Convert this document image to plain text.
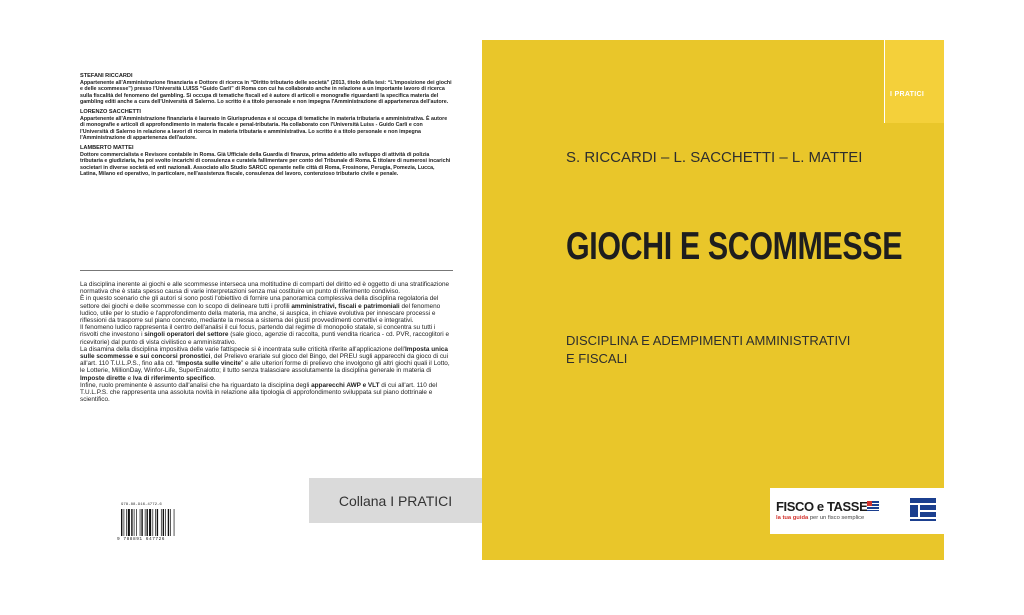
STEFANI RICCARDI
Appartenente all'Amministrazione finanziaria e Dottore di ricerca in “Diritto tributario delle società” (2013, titolo della tesi: “L'imposizione dei giochi e delle scommesse”) presso l'Università LUISS “Guido Carli” di Roma con cui ha collaborato anche in relazione a un importante lavoro di ricerca sulla fiscalità del fenomeno del gambling. Si occupa di tematiche fiscali ed è autore di articoli e monografie riguardanti la specifica materia del gambling editi anche a cura dell'Università di Salerno. Lo scritto è a titolo personale e non impegna l'Amministrazione di appartenenza dell'autore.
LORENZO SACCHETTI
Appartenente all'Amministrazione finanziaria è laureato in Giurisprudenza e si occupa di tematiche in materia tributaria e amministrativa. È autore di monografie e articoli di approfondimento in materia fiscale e penal-tributaria. Ha collaborato con l'Università Luiss - Guido Carli e con l'Università di Salerno in relazione a lavori di ricerca in materia tributaria e amministrativa. Lo scritto è a titolo personale e non impegna l'Amministrazione di appartenenza dell'autore.
LAMBERTO MATTEI
Dottore commercialista e Revisore contabile in Roma. Già Ufficiale della Guardia di finanza, prima addetto allo sviluppo di attività di polizia tributaria e giudiziaria, ha poi svolto incarichi di consulenza e curatela fallimentare per conto del Tribunale di Roma. È titolare di numerosi incarichi societari in diverse società ed enti nazionali. Associato allo Studio SARCC operante nelle città di Roma, Frosinone, Perugia, Pomezia, Lucca, Latina, Milano ed operativo, in particolare, nell'assistenza fiscale, consulenza del lavoro, contenzioso tributario civile e penale.

La disciplina inerente ai giochi e alle scommesse interseca una moltitudine di comparti del diritto ed è oggetto di una stratificazione normativa che è stata spesso causa di varie interpretazioni senza mai costituire un punto di riferimento condiviso.

È in questo scenario che gli autori si sono posti l'obiettivo di fornire una panoramica complessiva della disciplina regolatoria del settore dei giochi e delle scommesse con lo scopo di delineare tutti i profili amministrativi, fiscali e patrimoniali del fenomeno ludico, utile per lo studio e l'approfondimento della materia, ma anche, si auspica, in chiave evolutiva per innescare processi e riflessioni da trasporre sul piano concreto, mediante la messa a sistema dei giusti provvedimenti correttivi e integrativi.

Il fenomeno ludico rappresenta il centro dell'analisi il cui focus, partendo dal regime di monopolio statale, si concentra su tutti i risvolti che investono i singoli operatori del settore (sale gioco, agenzie di raccolta, punti vendita ricarica - cd. PVR, raccoglitori e ricevitorie) dal punto di vista civilistico e amministrativo.

La disamina della disciplina impositiva delle varie fattispecie si è incentrata sulle criticità riferite all'applicazione dell'Imposta unica sulle scommesse e sui concorsi pronostici, del Prelievo erariale sul gioco del Bingo, del PREU sugli apparecchi da gioco di cui all'art. 110 T.U.L.P.S., fino alla cd. “Imposta sulle vincite” e alle ulteriori forme di prelievo che involgono gli altri giochi quali il Lotto, le Lotterie, MillionDay, Winfor-Life, SuperEnalotto; il tutto senza tralasciare assolutamente la disciplina generale in materia di Imposte dirette e Iva di riferimento specifico.

Infine, ruolo preminente è assunto dall'analisi che ha riguardato la disciplina degli apparecchi AWP e VLT di cui all'art. 110 del T.U.L.P.S. che rappresenta una assoluta novità in relazione alla tipologia di approfondimento sviluppata sul piano dottrinale e scientifico.

978-88-916-4772-6
9 788891 647726
Collana I PRATICI
I PRATICI
S. RICCARDI – L. SACCHETTI – L. MATTEI
GIOCHI E SCOMMESSE
DISCIPLINA E ADEMPIMENTI AMMINISTRATIVI
E FISCALI
FISCO e TASSE
la tua guida per un fisco semplice
